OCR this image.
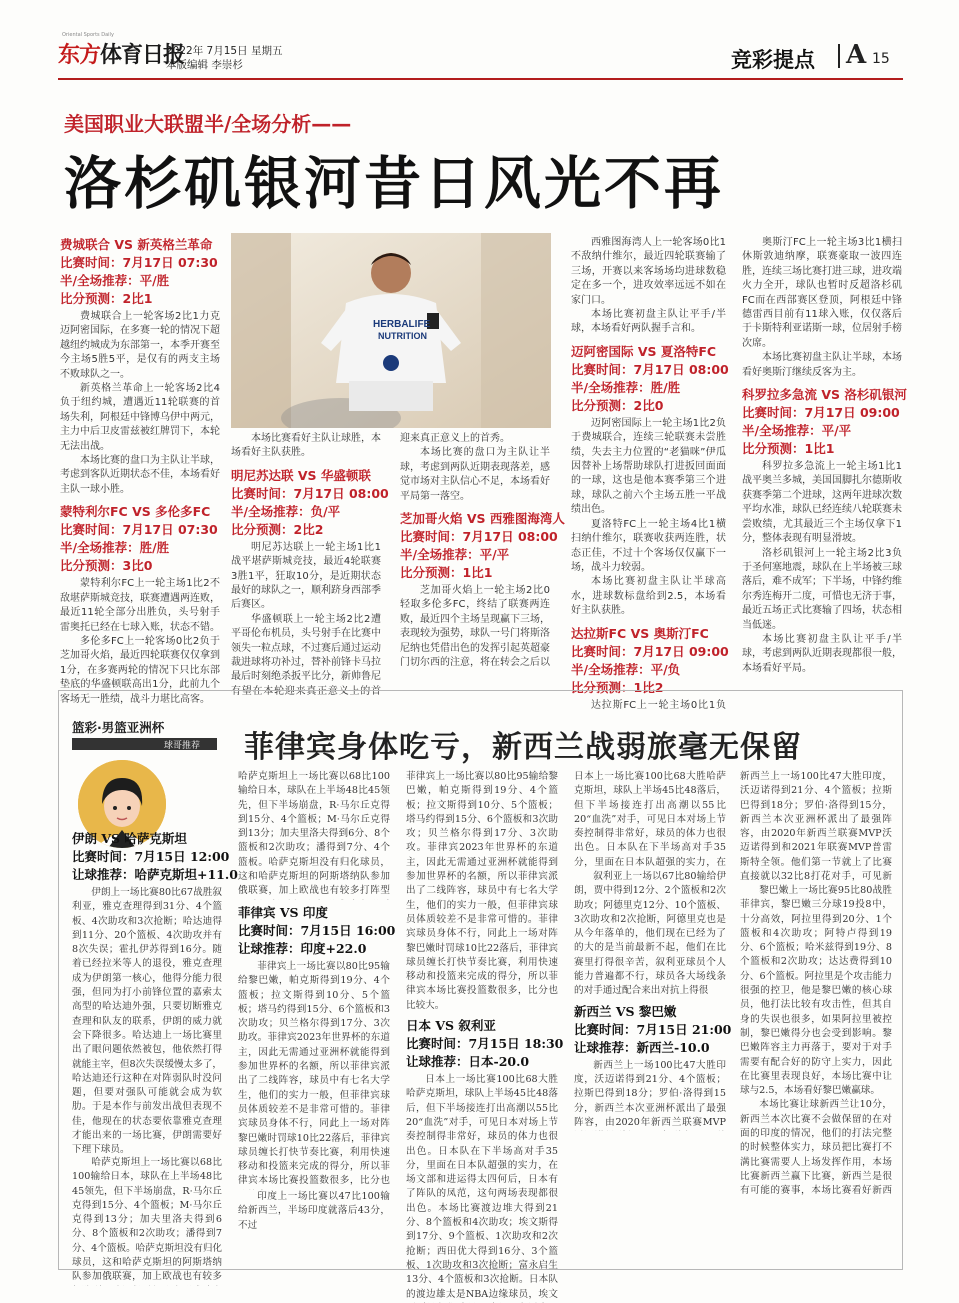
Oriental Sports Daily
东方体育日报
2022年 7月15日 星期五
本版编辑 李崇杉	竞彩提点 A 15
美国职业大联盟半/全场分析——
洛杉矶银河昔日风光不再
HERBALIFE
NUTRITION
费城联合 VS 新英格兰革命
比赛时间：7月17日 07:30
半/全场推荐：平/胜
比分预测：2比1

费城联合上一轮客场2比1力克迈阿密国际，在多赛一轮的情况下超越纽约城成为东部第一，本季开赛至今主场5胜5平，是仅有的两支主场不败球队之一。

新英格兰革命上一轮客场2比4负于纽约城，遭遇近11轮联赛的首场失利，阿根廷中锋博乌伊中两元，主力中后卫皮雷兹被红牌罚下，本轮无法出战。

本场比赛的盘口为主队让半球，考虑到客队近期状态不佳，本场看好主队一球小胜。

蒙特利尔FC VS 多伦多FC
比赛时间：7月17日 07:30
半/全场推荐：胜/胜
比分预测：3比0

蒙特利尔FC上一轮主场1比2不敌堪萨斯城竞技，联赛遭遇两连败，最近11轮全部分出胜负，头号射手雷奥托已经在七球入账，状态不错。

多伦多FC上一轮客场0比2负于芝加哥火焰，最近四轮联赛仅仅拿到1分，在多赛两轮的情况下只比东部垫底的华盛顿联高出1分，此前九个客场无一胜绩，战斗力堪比高客。

本场比赛看好主队让球胜，本场看好主队获胜。

明尼苏达联 VS 华盛顿联
比赛时间：7月17日 08:00
半/全场推荐：负/平
比分预测：2比2

明尼苏达联上一轮主场1比1战平堪萨斯城竞技，最近4轮联赛3胜1平，狂取10分，是近期状态最好的球队之一，顺利跻身西部季后赛区。

华盛顿联上一轮主场2比2遭平哥伦布机员，头号射手在比赛中领失一粒点球，不过赛后通过运动裁进球将功补过，替补前锋卡马拉最后时刻绝杀扳平比分，新帅鲁尼有望在本轮迎来真正意义上的首

迎来真正意义上的首秀。

本场比赛的盘口为主队让半球，考虑到两队近期表现落差，感觉市场对主队信心不足，本场看好平局第一落空。

芝加哥火焰 VS 西雅图海湾人
比赛时间：7月17日 08:00
半/全场推荐：平/平
比分预测：1比1

芝加哥火焰上一轮主场2比0轻取多伦多FC，终结了联赛两连败，最近四个主场呈现赢下三场，表现较为强势，球队一号门将斯洛尼纳也凭借出色的发挥引起英超豪门切尔西的注意，将在转会之后以

西雅图海湾人上一轮客场0比1不敌纳什维尔，最近四轮联赛输了三场，开赛以来客场场均进球数稳定在多一个，进攻效率远远不如在家门口。

本场比赛初盘主队让平手/半球，本场看好两队握手言和。

迈阿密国际 VS 夏洛特FC
比赛时间：7月17日 08:00
半/全场推荐：胜/胜
比分预测：2比0

迈阿密国际上一轮主场1比2负于费城联合，连续三轮联赛未尝胜绩，失去主力位置的“老猫咪”伊瓜因替补上场帮助球队打进扳回面面的一球，这也是他本赛季第三个进球，球队之前六个主场五胜一平战绩出色。

夏洛特FC上一轮主场4比1横扫纳什维尔，联赛收获两连胜，状态正佳，不过十个客场仅仅赢下一场，战斗力较弱。

本场比赛初盘主队让半球高水，进球数标盘给到2.5，本场看好主队获胜。

达拉斯FC VS 奥斯汀FC
比赛时间：7月17日 09:00
半/全场推荐：平/负
比分预测：1比2

达拉斯FC上一轮主场0比1负

奥斯汀FC上一轮主场3比1横扫休斯敦迪纳摩，联赛豪取一波四连胜，连续三场比赛打进三球，进攻端火力全开，球队也暂时反超洛杉矶FC而在西部赛区登顶，阿根廷中锋德雷西目前有11球入账，仅仅落后于卡斯特利亚诺斯一球，位居射手榜次席。

本场比赛初盘主队让半球，本场看好奥斯汀继续反客为主。

科罗拉多急流 VS 洛杉矶银河
比赛时间：7月17日 09:00
半/全场推荐：平/平
比分预测：1比1

科罗拉多急流上一轮主场1比1战平奥兰多城，美国国脚扎尔德斯收获赛季第二个进球，这两年进球次数平均水准，球队已经连续八轮联赛未尝败绩，尤其最近三个主场仅拿下1分，整体表现有明显滑坡。

洛杉矶银河上一轮主场2比3负于圣何塞地震，球队在上半场被三球落后，难不成军；下半场，中锋约维尔秀连梅开二度，可惜也无济于事，最近五场正式比赛输了四场，状态相当低迷。

本场比赛初盘主队让平手/半球，考虑到两队近期表现都很一般，本场看好平局。

篮彩·男篮亚洲杯
球哥推荐 菲律宾身体吃亏，新西兰战弱旅毫无保留
伊朗 VS 哈萨克斯坦
比赛时间：7月15日 12:00
让球推荐：哈萨克斯坦+11.0

伊朗上一场比赛80比67战胜叙利亚，雅克查理得到31分、4个篮板、4次助攻和3次抢断；哈达迪得到11分、20个篮板、4次助攻并有8次失误；霍扎伊苏得到16分。随着已经拉米等人的退役，雅克查理成为伊朗第一核心，他得分能力很强，但同为打小前锋位置的嘉索太高型的哈达迪外强，只要切断雅克查理和队友的联系，伊朗的威力就会下降很多。哈达迪上一场比赛里出了眼问题依然被包，他依然打得就能主宰，但8次失误缓慢太多了，哈达迪还行这种在对阵弱队时没问题，但要对强队可能就会成为软肋。于是本作与前发出战但表现不佳，他现在的状态要依靠雅克查理才能出来的一场比赛，伊朗需要好下理下球员。

哈萨克斯坦上一场比赛以68比100输给日本，球队在上半场48比45领先，但下半场崩盘，R·马尔丘克得到15分、4个篮板；M·马尔丘克得到13分；加夫里洛夫得到6分、8个篮板和2次助攻；潘得到7分、4个篮板。哈萨克斯坦没有归化球员，这和哈萨克斯坦的阿斯塔纳队参加俄联赛，加上欧战也有较多

哈萨克斯坦上一场比赛以68比100输给日本，球队在上半场48比45领先，但下半场崩盘，R·马尔丘克得到15分、4个篮板；M·马尔丘克得到13分；加夫里洛夫得到6分、8个篮板和2次助攻；潘得到7分、4个篮板。哈萨克斯坦没有归化球员，这和哈萨克斯坦的阿斯塔纳队参加俄联赛，加上欧战也有较多打阵型

菲律宾 VS 印度
比赛时间：7月15日 16:00
让球推荐：印度+22.0

菲律宾上一场比赛以80比95输给黎巴嫩，帕克斯得到19分、4个篮板；拉文斯得到10分、5个篮板；塔马约得到15分、6个篮板和3次助攻；贝兰格尔得到17分、3次助攻。菲律宾2023年世界杯的东道主，因此无需通过亚洲杯就能得到参加世界杯的名额，所以菲律宾派出了二线阵容，球员中有七名大学生，他们的实力一般，但菲律宾球员体质较差不是非常可惜的。菲律宾球员身体不行，同此上一场对阵黎巴嫩时罚球10比22落后，菲律宾球员缠长打快节奏比赛，利用快速移动和投篮来完成的得分，所以菲律宾本场比赛投篮数很多，比分也

印度上一场比赛以47比100输给新西兰，半场印度就落后43分，不过

菲律宾上一场比赛以80比95输给黎巴嫩，帕克斯得到19分、4个篮板；拉文斯得到10分、5个篮板；塔马约得到15分、6个篮板和3次助攻；贝兰格尔得到17分、3次助攻。菲律宾2023年世界杯的东道主，因此无需通过亚洲杯就能得到参加世界杯的名额，所以菲律宾派出了二线阵容，球员中有七名大学生，他们的实力一般，但菲律宾球员体质较差不是非常可惜的。菲律宾球员身体不行，同此上一场对阵黎巴嫩时罚球10比22落后，菲律宾球员缠长打快节奏比赛，利用快速移动和投篮来完成的得分，所以菲律宾本场比赛投篮数很多，比分也比较大。

日本 VS 叙利亚
比赛时间：7月15日 18:30
让球推荐：日本-20.0

日本上一场比赛100比68大胜哈萨克斯坦，球队上半场45比48落后，但下半场接连打出高潮以55比20“血洗”对手，可见日本对场上节奏控制得非常好，球员的体力也很出色。日本队在下半场高对手35分，里面在日本队超强的实力，在场文部和进运得太四何后，日本有了阵队的凤范，这句两场表现都很出色。本场比赛渡边堆大得到21分、8个篮板和4次助攻；埃文斯得到17分、9个篮板、1次助攻和2次抢断；西田优大得到16分、3个篮板、1次助攻和3次抢断；富永启生13分、4个篮板和3次抢断。日本队的渡边雄太是NBA边缘球员，埃文

日本上一场比赛100比68大胜哈萨克斯坦，球队上半场45比48落后，但下半场接连打出高潮以55比20“血洗”对手，可见日本对场上节奏控制得非常好，球员的体力也很出色。日本队在下半场高对手35分，里面在日本队超强的实力，在

叙利亚上一场以67比80输给伊朗，贾中得到12分、2个篮板和2次助攻；阿德里克12分、10个篮板、3次助攻和2次抢断，阿德里克也是从今年落单的，他们现在已经为了的大的是当前最新不起，他们在比赛里打得很辛苦，叙利亚球员个人能力普遍都不行，球员各大场线条的对手通过配合来出对抗上得很

新西兰 VS 黎巴嫩
比赛时间：7月15日 21:00
让球推荐：新西兰-10.0

新西兰上一场100比47大胜印度，沃迈诺得到21分、4个篮板；拉斯巴得到18分；罗伯·洛得到15分，新西兰本次亚洲杯派出了最强阵容，由2020年新西兰联赛MVP

新西兰上一场100比47大胜印度，沃迈诺得到21分、4个篮板；拉斯巴得到18分；罗伯·洛得到15分，新西兰本次亚洲杯派出了最强阵容，由2020年新西兰联赛MVP沃迈诺得到和2021年联赛MVP普雷斯特全领。他们第一节就上了比赛直接就以32比8打花对手，可见新

黎巴嫩上一场比赛95比80战胜菲律宾，黎巴嫩三分球19投8中，十分高效，阿拉里得到20分、1个篮板和4次助攻；阿特卢得到19分、6个篮板；哈米兹得到19分、8个篮板和2次助攻；达达费得到10分、6个篮板。阿拉里是个攻击能力很强的控卫，他是黎巴嫩的核心球员，他打法比较有攻击性，但其自身的失误也很多，如果阿拉里被控制，黎巴嫩得分也会受到影响。黎巴嫩阵容主力再落于，要对于对手需要有配合好的防守上实力，因此在比赛里表现良好，本场比赛中让球与2.5，本场看好黎巴嫩赢球。

本场比赛让球新西兰让10分，新西兰本次比赛不会做保留的在对面的印度的情况，他们的打法完整的时候整体实力，球员把比赛打不满比赛需要人上场发挥作用，本场比赛新西兰赢下比赛，新西兰是很有可能的赛事，本场比赛看好新西
